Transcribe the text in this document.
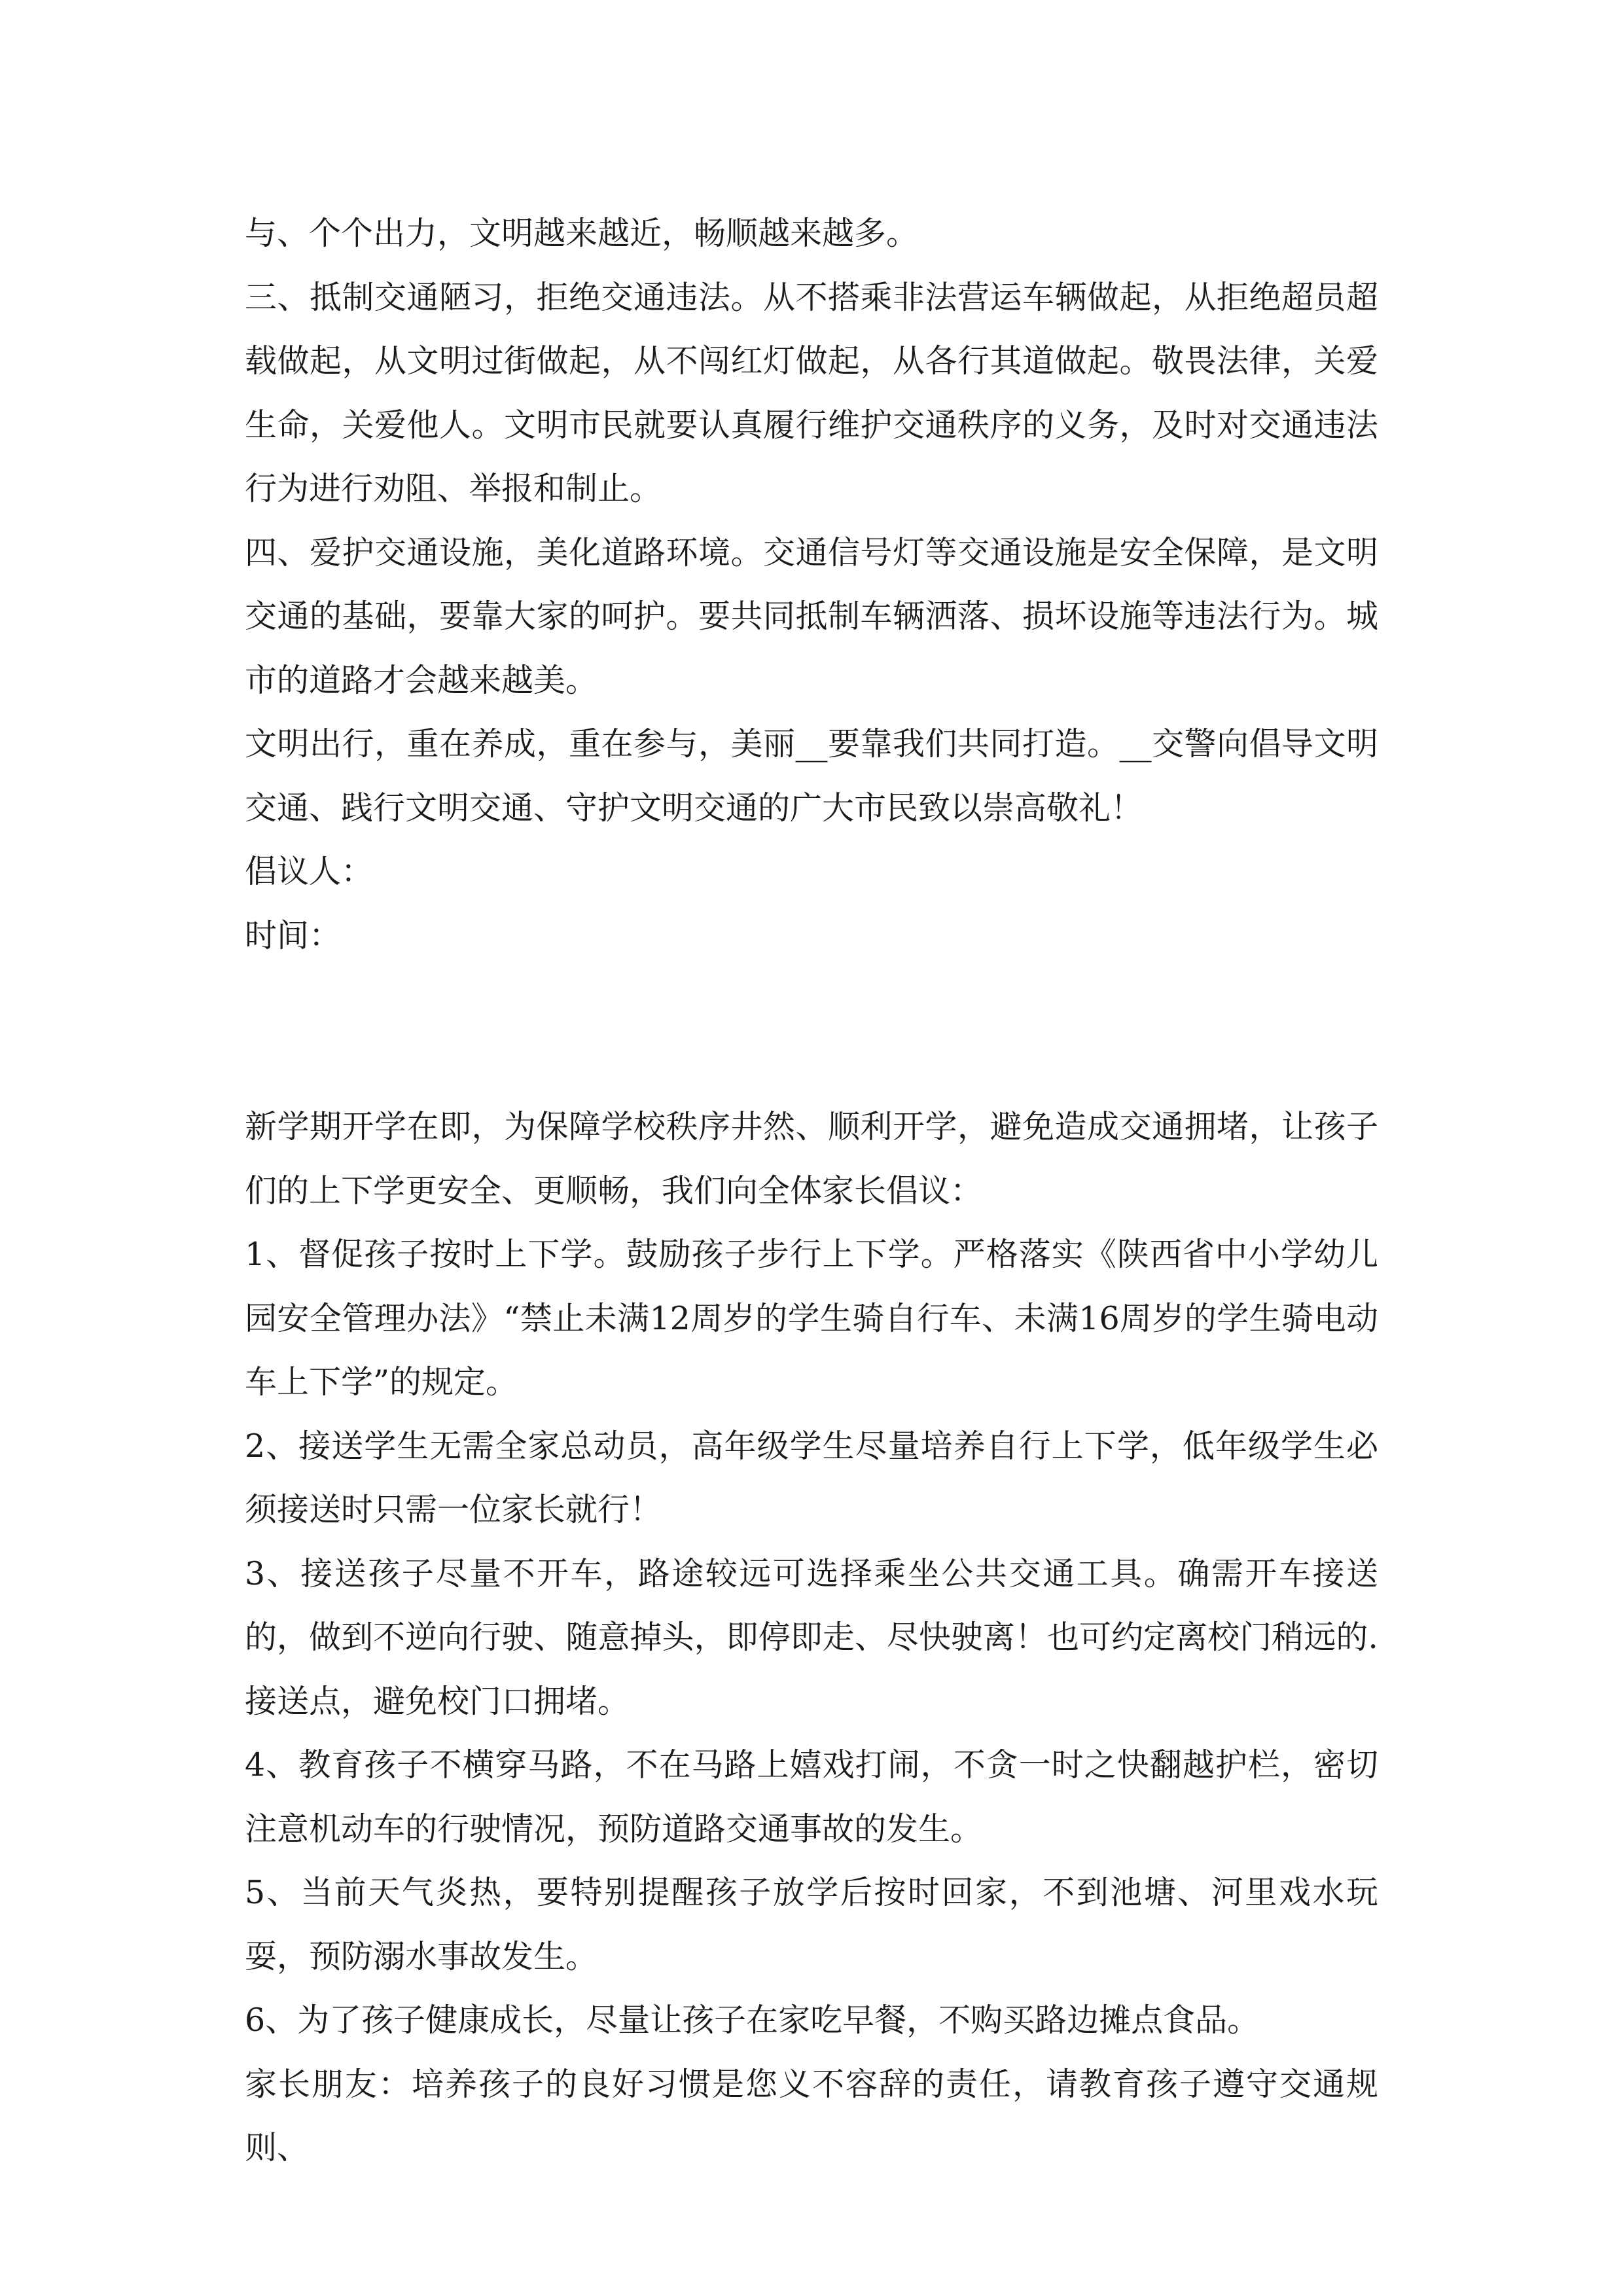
与、个个出力，文明越来越近，畅顺越来越多。

三、抵制交通陋习，拒绝交通违法。从不搭乘非法营运车辆做起，从拒绝超员超载做起，从文明过街做起，从不闯红灯做起，从各行其道做起。敬畏法律，关爱生命，关爱他人。文明市民就要认真履行维护交通秩序的义务，及时对交通违法行为进行劝阻、举报和制止。

四、爱护交通设施，美化道路环境。交通信号灯等交通设施是安全保障，是文明交通的基础，要靠大家的呵护。要共同抵制车辆洒落、损坏设施等违法行为。城市的道路才会越来越美。

文明出行，重在养成，重在参与，美丽__要靠我们共同打造。__交警向倡导文明交通、践行文明交通、守护文明交通的广大市民致以崇高敬礼！

倡议人：

时间：

新学期开学在即，为保障学校秩序井然、顺利开学，避免造成交通拥堵，让孩子们的上下学更安全、更顺畅，我们向全体家长倡议：

1、督促孩子按时上下学。鼓励孩子步行上下学。严格落实《陕西省中小学幼儿园安全管理办法》“禁止未满12周岁的学生骑自行车、未满16周岁的学生骑电动车上下学”的规定。

2、接送学生无需全家总动员，高年级学生尽量培养自行上下学，低年级学生必须接送时只需一位家长就行！

3、接送孩子尽量不开车，路途较远可选择乘坐公共交通工具。确需开车接送的，做到不逆向行驶、随意掉头，即停即走、尽快驶离！也可约定离校门稍远的.接送点，避免校门口拥堵。

4、教育孩子不横穿马路，不在马路上嬉戏打闹，不贪一时之快翻越护栏，密切注意机动车的行驶情况，预防道路交通事故的发生。

5、当前天气炎热，要特别提醒孩子放学后按时回家，不到池塘、河里戏水玩耍，预防溺水事故发生。

6、为了孩子健康成长，尽量让孩子在家吃早餐，不购买路边摊点食品。

家长朋友：培养孩子的良好习惯是您义不容辞的责任，请教育孩子遵守交通规则、
